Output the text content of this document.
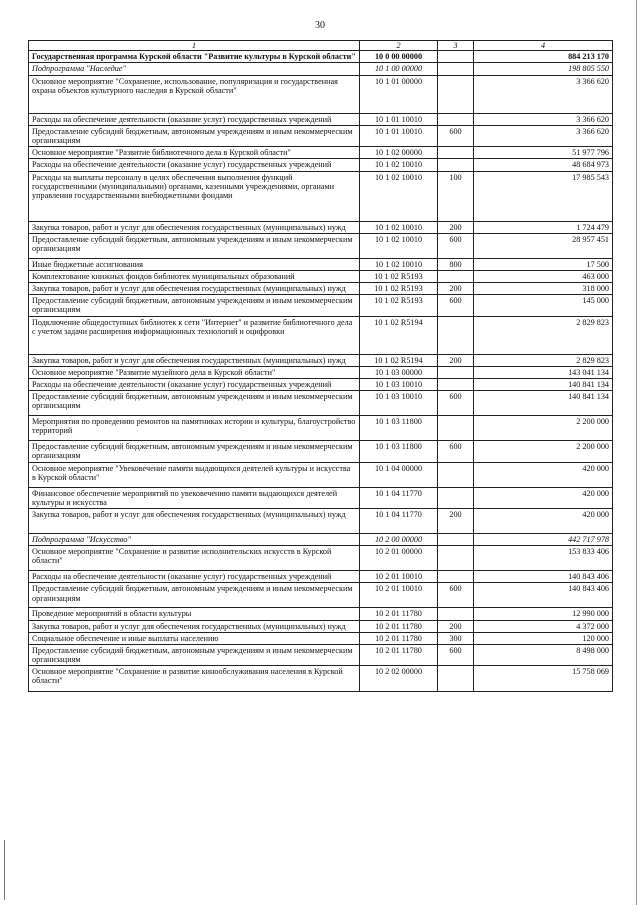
30
1	2	3	4
Государственная программа Курской области "Развитие культуры в Курской области"	10 0 00 00000		884 213 170
Подпрограмма "Наследие"	10 1 00 00000		198 805 550
Основное мероприятие "Сохранение, использование, популяризация и государственная охрана объектов культурного наследия в Курской области"	10 1 01 00000		3 366 620
Расходы на обеспечение деятельности (оказание услуг) государственных учреждений	10 1 01 10010		3 366 620
Предоставление субсидий бюджетным, автономным учреждениям и иным некоммерческим организациям	10 1 01 10010	600	3 366 620
Основное мероприятие "Развитие библиотечного дела в Курской области"	10 1 02 00000		51 977 796
Расходы на обеспечение деятельности (оказание услуг) государственных учреждений	10 1 02 10010		48 684 973
Расходы на выплаты персоналу в целях обеспечения выполнения функций государственными (муниципальными) органами, казенными учреждениями, органами управления государственными внебюджетными фондами	10 1 02 10010	100	17 985 543
Закупка товаров, работ и услуг для обеспечения государственных (муниципальных) нужд	10 1 02 10010	200	1 724 479
Предоставление субсидий бюджетным, автономным учреждениям и иным некоммерческим организациям	10 1 02 10010	600	28 957 451
Иные бюджетные ассигнования	10 1 02 10010	800	17 500
Комплектование книжных фондов библиотек муниципальных образований	10 1 02 R5193		463 000
Закупка товаров, работ и услуг для обеспечения государственных (муниципальных) нужд	10 1 02 R5193	200	318 000
Предоставление субсидий бюджетным, автономным учреждениям и иным некоммерческим организациям	10 1 02 R5193	600	145 000
Подключение общедоступных библиотек к сети "Интернет" и развитие библиотечного дела с учетом задачи расширения информационных технологий и оцифровки	10 1 02 R5194		2 829 823
Закупка товаров, работ и услуг для обеспечения государственных (муниципальных) нужд	10 1 02 R5194	200	2 829 823
Основное мероприятие "Развитие музейного дела в Курской области"	10 1 03 00000		143 041 134
Расходы на обеспечение деятельности (оказание услуг) государственных учреждений	10 1 03 10010		140 841 134
Предоставление субсидий бюджетным, автономным учреждениям и иным некоммерческим организациям	10 1 03 10010	600	140 841 134
Мероприятия по проведению ремонтов на памятниках истории и культуры, благоустройство территорий	10 1 03 11800		2 200 000
Предоставление субсидий бюджетным, автономным учреждениям и иным некоммерческим организациям	10 1 03 11800	600	2 200 000
Основное мероприятие "Увековечение памяти выдающихся деятелей культуры и искусства в Курской области"	10 1 04 00000		420 000
Финансовое обеспечение мероприятий по увековечению памяти выдающихся деятелей культуры и искусства	10 1 04 11770		420 000
Закупка товаров, работ и услуг для обеспечения государственных (муниципальных) нужд	10 1 04 11770	200	420 000
Подпрограмма "Искусство"	10 2 00 00000		442 717 978
Основное мероприятие "Сохранение и развитие исполнительских искусств в Курской области"	10 2 01 00000		153 833 406
Расходы на обеспечение деятельности (оказание услуг) государственных учреждений	10 2 01 10010		140 843 406
Предоставление субсидий бюджетным, автономным учреждениям и иным некоммерческим организациям	10 2 01 10010	600	140 843 406
Проведение мероприятий в области культуры	10 2 01 11780		12 990 000
Закупка товаров, работ и услуг для обеспечения государственных (муниципальных) нужд	10 2 01 11780	200	4 372 000
Социальное обеспечение и иные выплаты населению	10 2 01 11780	300	120 000
Предоставление субсидий бюджетным, автономным учреждениям и иным некоммерческим организациям	10 2 01 11780	600	8 498 000
Основное мероприятие "Сохранение и развитие кинообслуживания населения в Курской области"	10 2 02 00000		15 758 069
